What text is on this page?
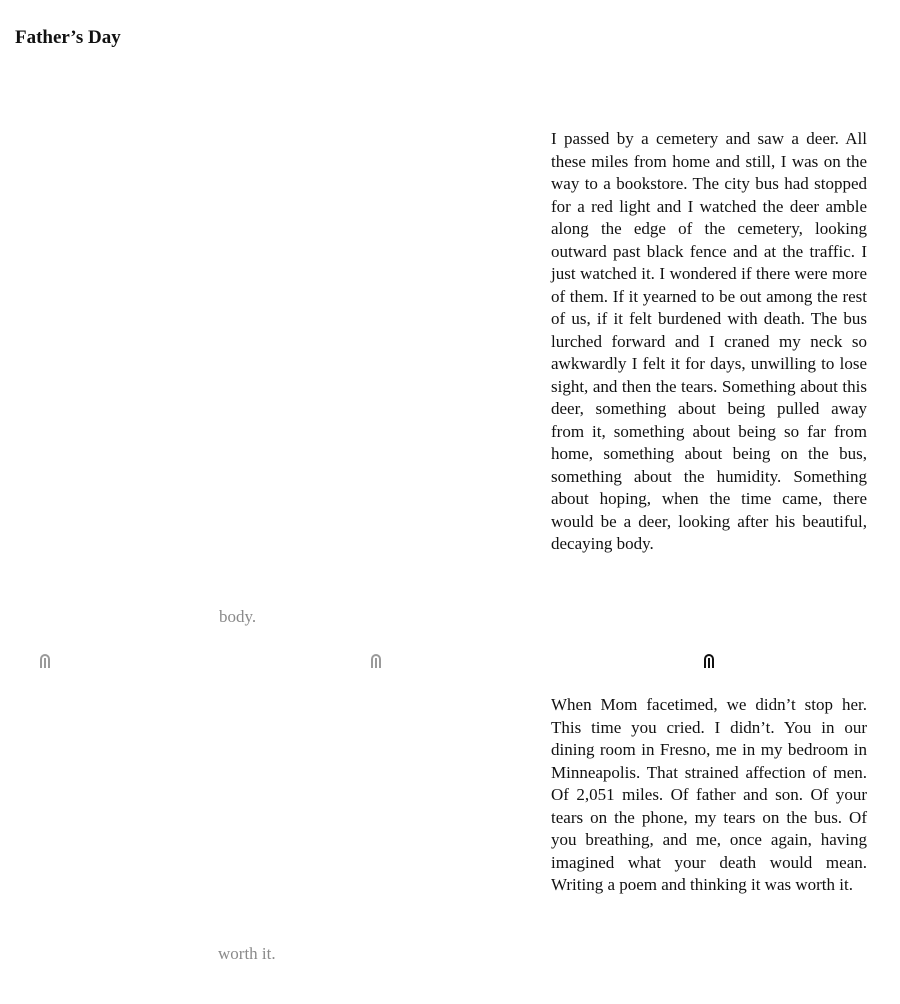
Father’s Day

I passed by a cemetery and saw a deer. All these miles from home and still, I was on the way to a bookstore. The city bus had stopped for a red light and I watched the deer amble along the edge of the cemetery, looking outward past black fence and at the traffic. I just watched it. I wondered if there were more of them. If it yearned to be out among the rest of us, if it felt burdened with death. The bus lurched forward and I craned my neck so awkwardly I felt it for days, unwilling to lose sight, and then the tears. Something about this deer, something about being pulled away from it, something about being so far from home, something about being on the bus, something about the humidity. Something about hoping, when the time came, there would be a deer, looking after his beautiful, decaying body.

body.

When Mom facetimed, we didn’t stop her. This time you cried. I didn’t. You in our dining room in Fresno, me in my bedroom in Minneapolis. That strained affection of men. Of 2,051 miles. Of father and son. Of your tears on the phone, my tears on the bus. Of you breathing, and me, once again, having imagined what your death would mean. Writing a poem and thinking it was worth it.

worth it.
